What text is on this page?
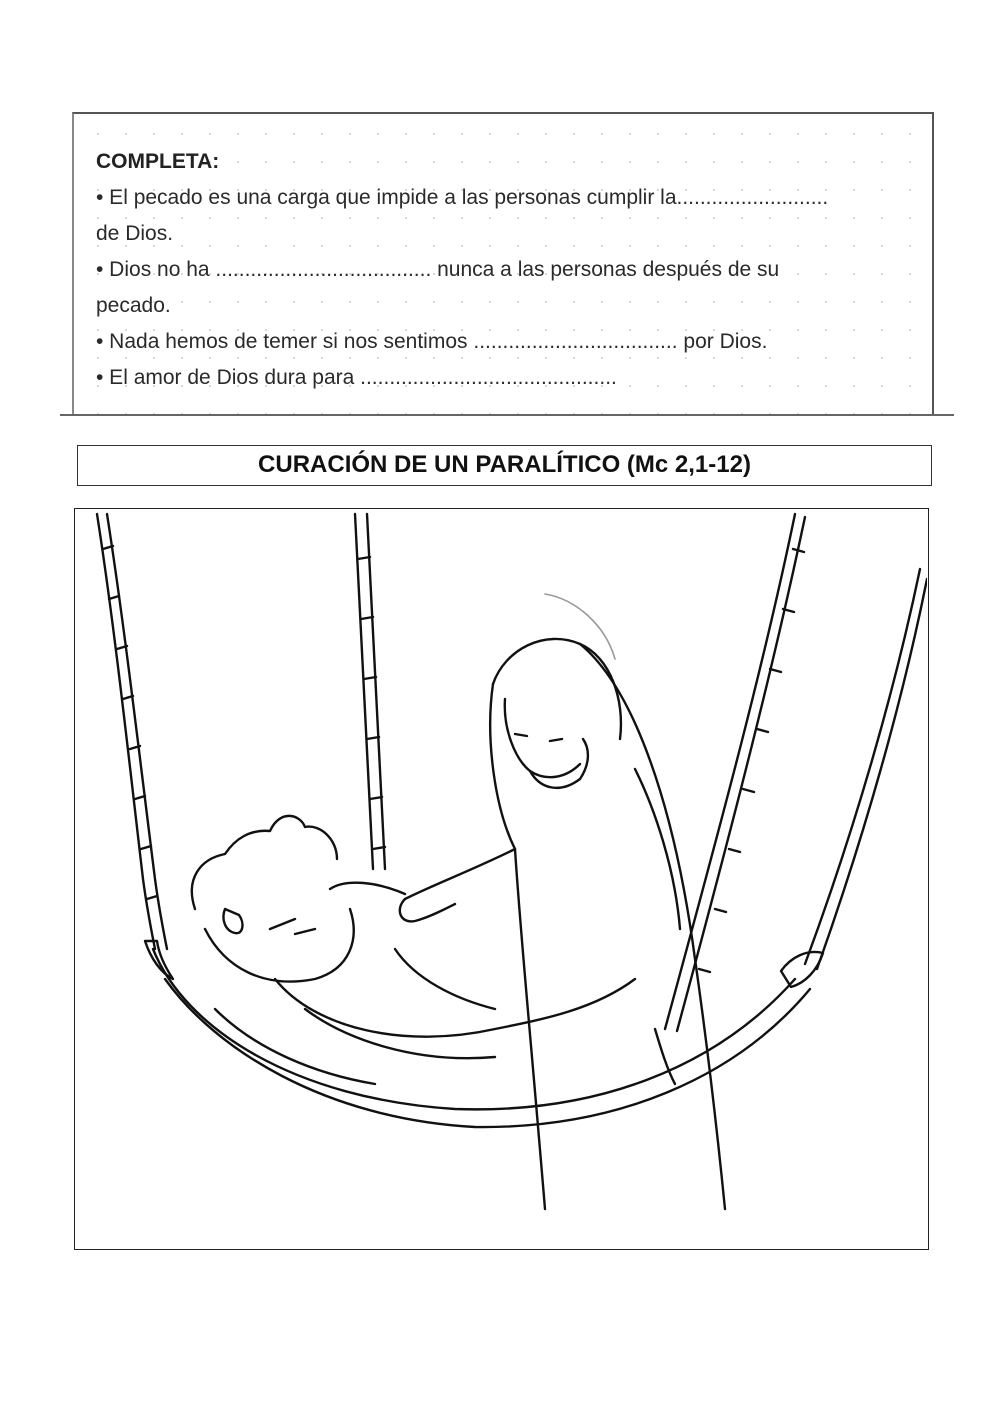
COMPLETA:
• El pecado es una carga que impide a las personas cumplir la..........................
de Dios.
• Dios no ha ..................................... nunca a las personas después de su
pecado.
• Nada hemos de temer si nos sentimos ................................... por Dios.
• El amor de Dios dura para ............................................
CURACIÓN DE UN PARALÍTICO (Mc 2,1-12)
